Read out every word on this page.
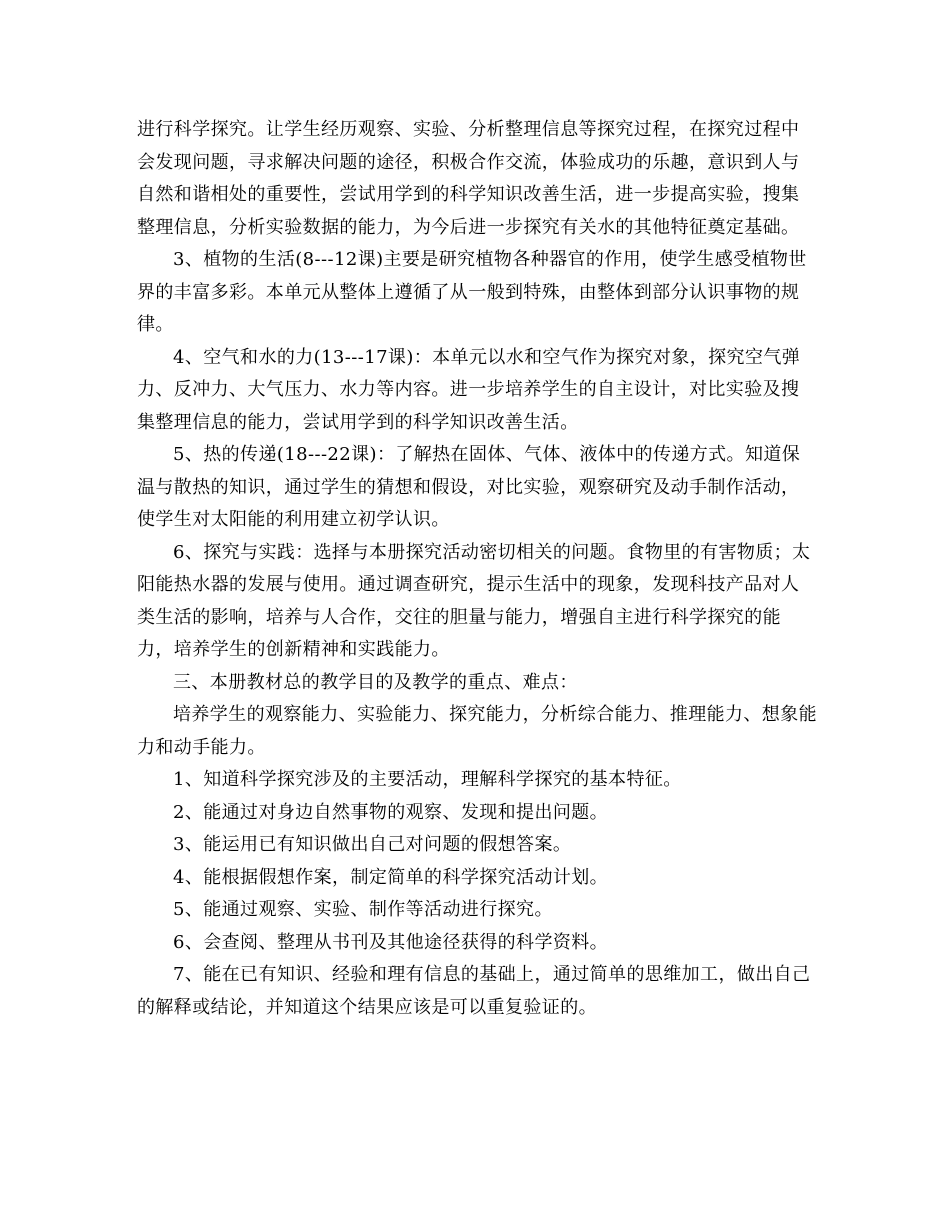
进行科学探究。让学生经历观察、实验、分析整理信息等探究过程，在探究过程中会发现问题，寻求解决问题的途径，积极合作交流，体验成功的乐趣，意识到人与自然和谐相处的重要性，尝试用学到的科学知识改善生活，进一步提高实验，搜集整理信息，分析实验数据的能力，为今后进一步探究有关水的其他特征奠定基础。

3、植物的生活(8---12课)主要是研究植物各种器官的作用，使学生感受植物世界的丰富多彩。本单元从整体上遵循了从一般到特殊，由整体到部分认识事物的规律。

4、空气和水的力(13---17课)：本单元以水和空气作为探究对象，探究空气弹力、反冲力、大气压力、水力等内容。进一步培养学生的自主设计，对比实验及搜集整理信息的能力，尝试用学到的科学知识改善生活。

5、热的传递(18---22课)：了解热在固体、气体、液体中的传递方式。知道保温与散热的知识，通过学生的猜想和假设，对比实验，观察研究及动手制作活动，使学生对太阳能的利用建立初学认识。

6、探究与实践：选择与本册探究活动密切相关的问题。食物里的有害物质；太阳能热水器的发展与使用。通过调查研究，提示生活中的现象，发现科技产品对人类生活的影响，培养与人合作，交往的胆量与能力，增强自主进行科学探究的能力，培养学生的创新精神和实践能力。

三、本册教材总的教学目的及教学的重点、难点：

培养学生的观察能力、实验能力、探究能力，分析综合能力、推理能力、想象能力和动手能力。

1、知道科学探究涉及的主要活动，理解科学探究的基本特征。

2、能通过对身边自然事物的观察、发现和提出问题。

3、能运用已有知识做出自己对问题的假想答案。

4、能根据假想作案，制定简单的科学探究活动计划。

5、能通过观察、实验、制作等活动进行探究。

6、会查阅、整理从书刊及其他途径获得的科学资料。

7、能在已有知识、经验和理有信息的基础上，通过简单的思维加工，做出自己的解释或结论，并知道这个结果应该是可以重复验证的。
